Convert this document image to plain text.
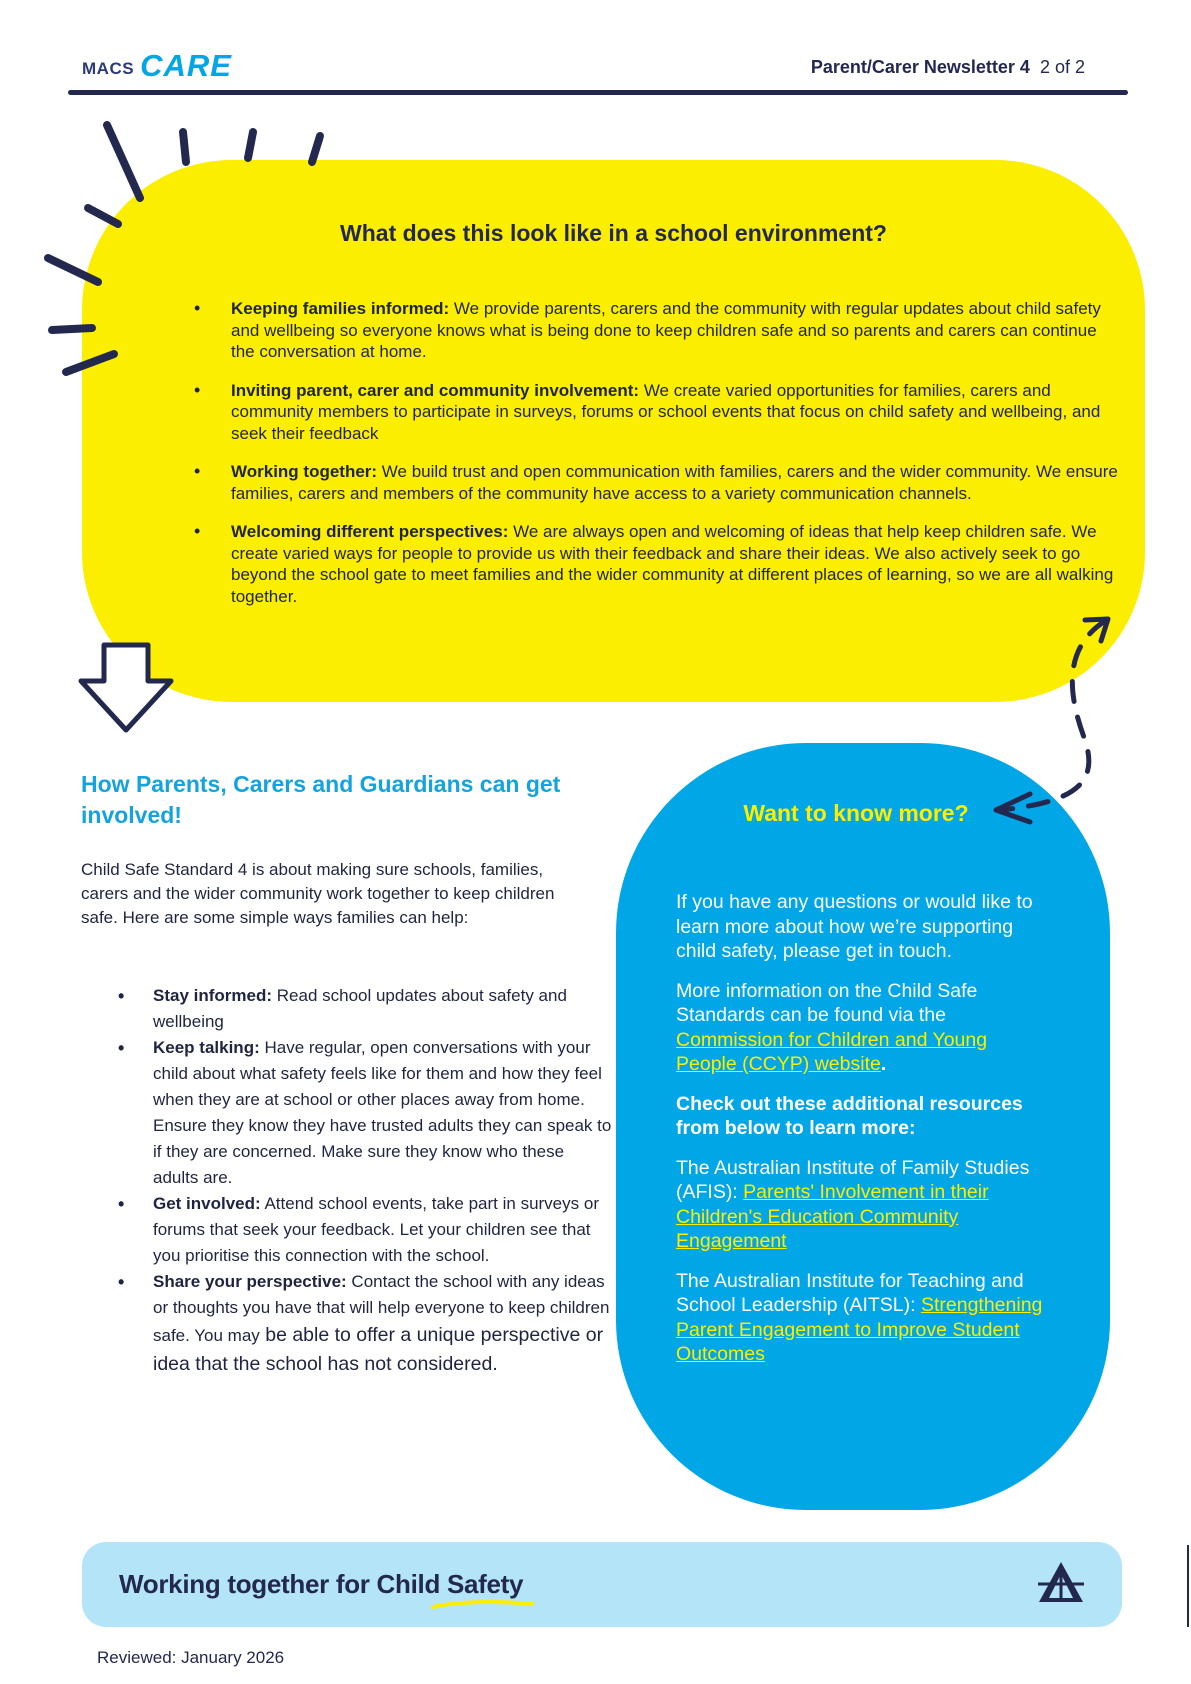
MACS CARE	Parent/Carer Newsletter 4 2 of 2
What does this look like in a school environment?
• Keeping families informed: We provide parents, carers and the community with regular updates about child safety and wellbeing so everyone knows what is being done to keep children safe and so parents and carers can continue the conversation at home.
• Inviting parent, carer and community involvement: We create varied opportunities for families, carers and community members to participate in surveys, forums or school events that focus on child safety and wellbeing, and seek their feedback
• Working together: We build trust and open communication with families, carers and the wider community. We ensure families, carers and members of the community have access to a variety communication channels.
• Welcoming different perspectives: We are always open and welcoming of ideas that help keep children safe. We create varied ways for people to provide us with their feedback and share their ideas. We also actively seek to go beyond the school gate to meet families and the wider community at different places of learning, so we are all walking together.
How Parents, Carers and Guardians can get involved!
Child Safe Standard 4 is about making sure schools, families, carers and the wider community work together to keep children safe. Here are some simple ways families can help:
• Stay informed: Read school updates about safety and wellbeing
• Keep talking: Have regular, open conversations with your child about what safety feels like for them and how they feel when they are at school or other places away from home. Ensure they know they have trusted adults they can speak to if they are concerned. Make sure they know who these adults are.
• Get involved: Attend school events, take part in surveys or forums that seek your feedback. Let your children see that you prioritise this connection with the school.
• Share your perspective: Contact the school with any ideas or thoughts you have that will help everyone to keep children safe. You may be able to offer a unique perspective or idea that the school has not considered.
Want to know more?

If you have any questions or would like to learn more about how we’re supporting child safety, please get in touch.

More information on the Child Safe Standards can be found via the Commission for Children and Young People (CCYP) website.

Check out these additional resources from below to learn more:

The Australian Institute of Family Studies (AFIS): Parents' Involvement in their Children's Education Community Engagement

The Australian Institute for Teaching and School Leadership (AITSL): Strengthening Parent Engagement to Improve Student Outcomes

Working together for Child Safety
Reviewed: January 2026
